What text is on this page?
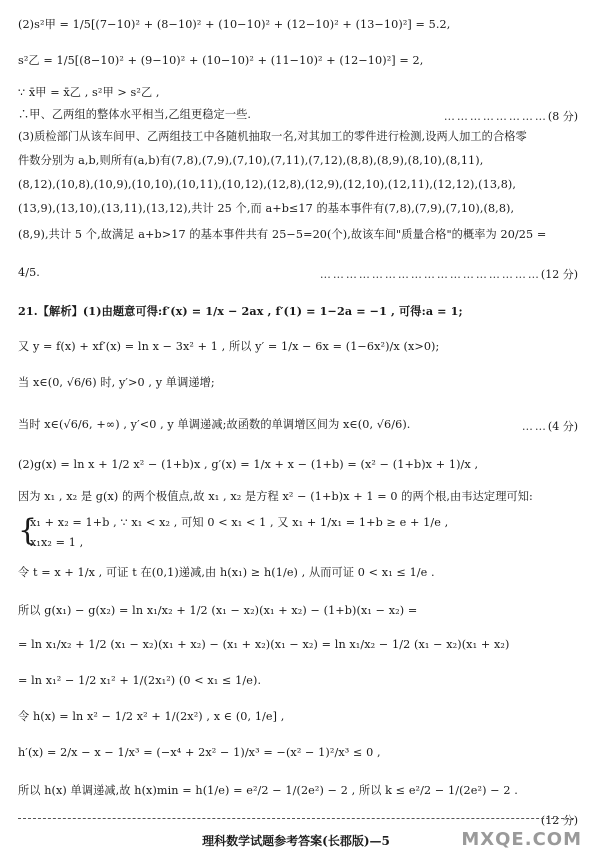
(2)s²甲 = 1/5[(7−10)² + (8−10)² + (10−10)² + (12−10)² + (13−10)²] = 5.2,
s²乙 = 1/5[(8−10)² + (9−10)² + (10−10)² + (11−10)² + (12−10)²] = 2,
∵ x̄甲 = x̄乙 , s²甲 > s²乙 ,
∴甲、乙两组的整体水平相当,乙组更稳定一些.	……………………(8 分)
(3)质检部门从该车间甲、乙两组技工中各随机抽取一名,对其加工的零件进行检测,设两人加工的合格零
件数分别为 a,b,则所有(a,b)有(7,8),(7,9),(7,10),(7,11),(7,12),(8,8),(8,9),(8,10),(8,11),
(8,12),(10,8),(10,9),(10,10),(10,11),(10,12),(12,8),(12,9),(12,10),(12,11),(12,12),(13,8),
(13,9),(13,10),(13,11),(13,12),共计 25 个,而 a+b≤17 的基本事件有(7,8),(7,9),(7,10),(8,8),
(8,9),共计 5 个,故满足 a+b>17 的基本事件共有 25−5=20(个),故该车间"质量合格"的概率为 20/25 =
4/5.	……………………………………………(12 分)
21.【解析】(1)由题意可得:f′(x) = 1/x − 2ax , f′(1) = 1−2a = −1 , 可得:a = 1;
又 y = f(x) + xf′(x) = ln x − 3x² + 1 , 所以 y′ = 1/x − 6x = (1−6x²)/x (x>0);
当 x∈(0, √6/6) 时, y′>0 , y 单调递增;
当时 x∈(√6/6, +∞) , y′<0 , y 单调递减;故函数的单调增区间为 x∈(0, √6/6).	……(4 分)
(2)g(x) = ln x + 1/2 x² − (1+b)x , g′(x) = 1/x + x − (1+b) = (x² − (1+b)x + 1)/x ,
因为 x₁ , x₂ 是 g(x) 的两个极值点,故 x₁ , x₂ 是方程 x² − (1+b)x + 1 = 0 的两个根,由韦达定理可知:
{
x₁ + x₂ = 1+b , ∵ x₁ < x₂ , 可知 0 < x₁ < 1 , 又 x₁ + 1/x₁ = 1+b ≥ e + 1/e ,
x₁x₂ = 1 ,
令 t = x + 1/x , 可证 t 在(0,1)递减,由 h(x₁) ≥ h(1/e) , 从而可证 0 < x₁ ≤ 1/e .
所以 g(x₁) − g(x₂) = ln x₁/x₂ + 1/2 (x₁ − x₂)(x₁ + x₂) − (1+b)(x₁ − x₂) =
= ln x₁/x₂ + 1/2 (x₁ − x₂)(x₁ + x₂) − (x₁ + x₂)(x₁ − x₂) = ln x₁/x₂ − 1/2 (x₁ − x₂)(x₁ + x₂)
= ln x₁² − 1/2 x₁² + 1/(2x₁²) (0 < x₁ ≤ 1/e).
令 h(x) = ln x² − 1/2 x² + 1/(2x²) , x ∈ (0, 1/e] ,
h′(x) = 2/x − x − 1/x³ = (−x⁴ + 2x² − 1)/x³ = −(x² − 1)²/x³ ≤ 0 ,
所以 h(x) 单调递减,故 h(x)min = h(1/e) = e²/2 − 1/(2e²) − 2 , 所以 k ≤ e²/2 − 1/(2e²) − 2 .
(12 分)
理科数学试题参考答案(长郡版)—5	MXQE.COM
